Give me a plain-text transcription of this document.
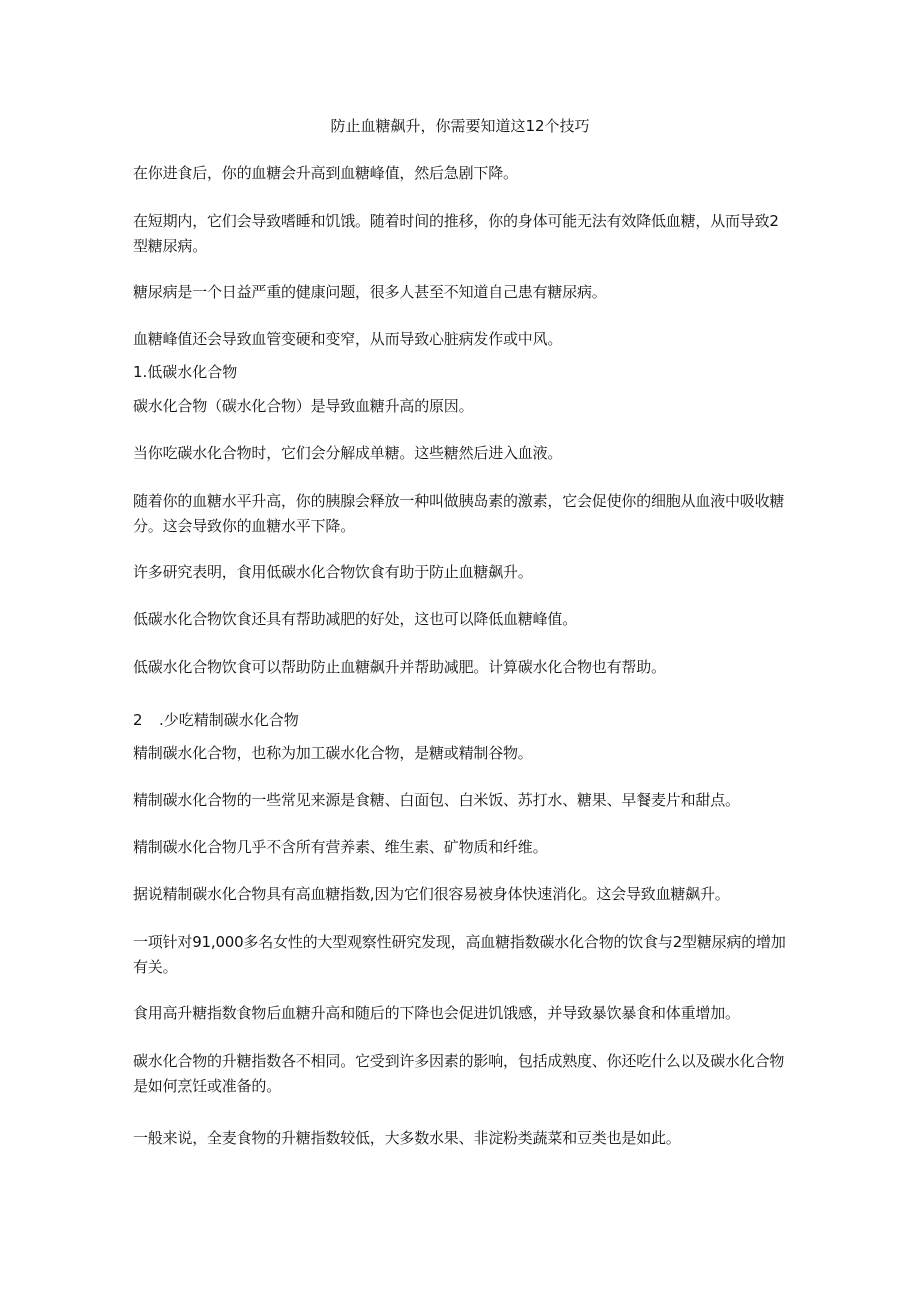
防止血糖飙升，你需要知道这12个技巧
在你进食后，你的血糖会升高到血糖峰值，然后急剧下降。
在短期内，它们会导致嗜睡和饥饿。随着时间的推移，你的身体可能无法有效降低血糖，从而导致2型糖尿病。
糖尿病是一个日益严重的健康问题，很多人甚至不知道自己患有糖尿病。
血糖峰值还会导致血管变硬和变窄，从而导致心脏病发作或中风。
1.低碳水化合物
碳水化合物（碳水化合物）是导致血糖升高的原因。
当你吃碳水化合物时，它们会分解成单糖。这些糖然后进入血液。
随着你的血糖水平升高，你的胰腺会释放一种叫做胰岛素的激素，它会促使你的细胞从血液中吸收糖分。这会导致你的血糖水平下降。
许多研究表明，食用低碳水化合物饮食有助于防止血糖飙升。
低碳水化合物饮食还具有帮助减肥的好处，这也可以降低血糖峰值。
低碳水化合物饮食可以帮助防止血糖飙升并帮助减肥。计算碳水化合物也有帮助。
2 .少吃精制碳水化合物
精制碳水化合物，也称为加工碳水化合物，是糖或精制谷物。
精制碳水化合物的一些常见来源是食糖、白面包、白米饭、苏打水、糖果、早餐麦片和甜点。
精制碳水化合物几乎不含所有营养素、维生素、矿物质和纤维。
据说精制碳水化合物具有高血糖指数,因为它们很容易被身体快速消化。这会导致血糖飙升。
一项针对91,000多名女性的大型观察性研究发现，高血糖指数碳水化合物的饮食与2型糖尿病的增加有关。
食用高升糖指数食物后血糖升高和随后的下降也会促进饥饿感，并导致暴饮暴食和体重增加。
碳水化合物的升糖指数各不相同。它受到许多因素的影响，包括成熟度、你还吃什么以及碳水化合物是如何烹饪或准备的。
一般来说，全麦食物的升糖指数较低，大多数水果、非淀粉类蔬菜和豆类也是如此。
